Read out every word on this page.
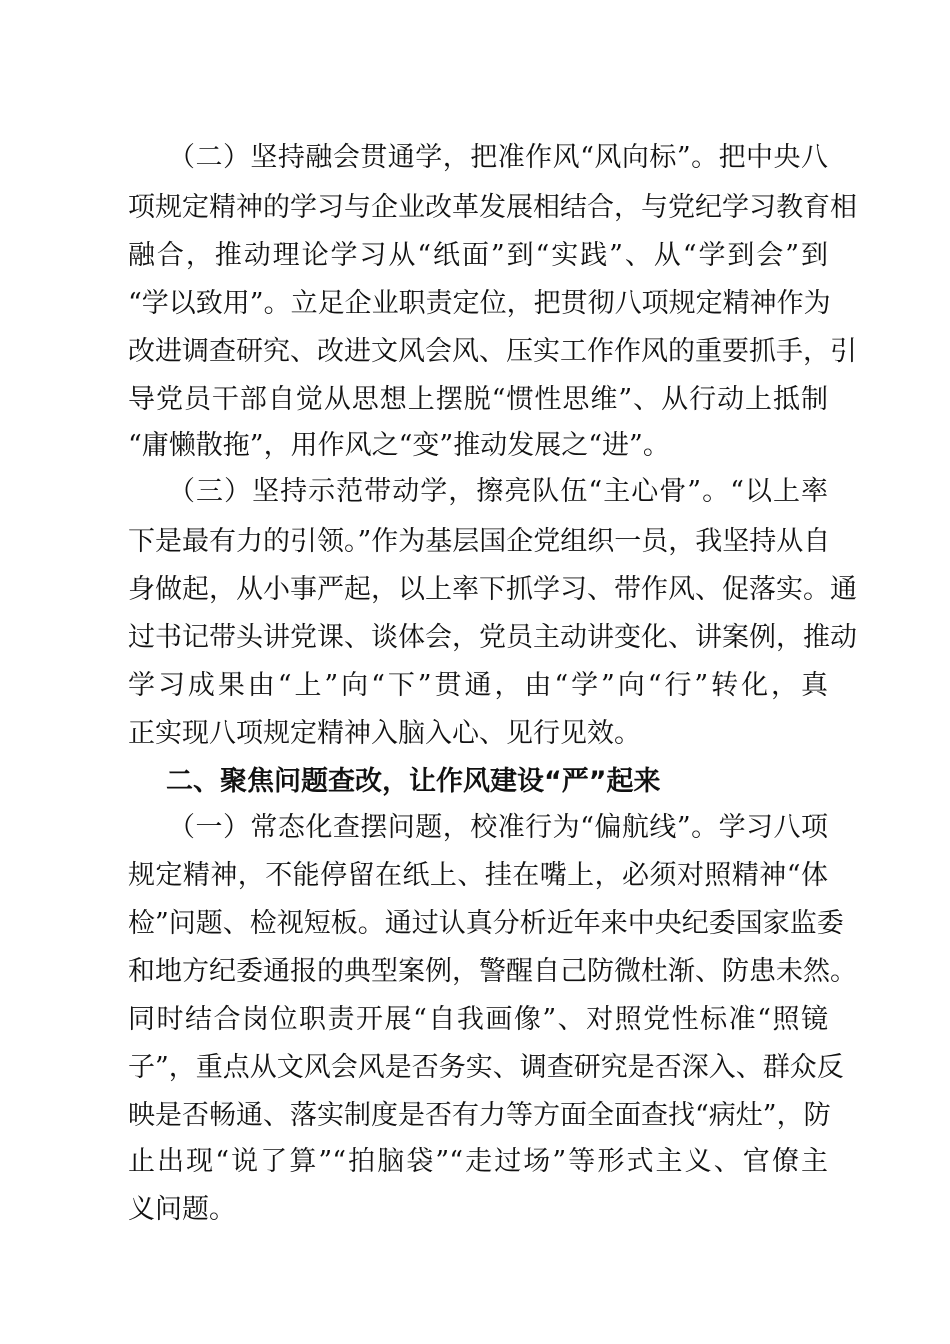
（二）坚持融会贯通学，把准作风“风向标”。把中央八
项规定精神的学习与企业改革发展相结合，与党纪学习教育相
融合，推动理论学习从“纸面”到“实践”、从“学到会”到
“学以致用”。立足企业职责定位，把贯彻八项规定精神作为
改进调查研究、改进文风会风、压实工作作风的重要抓手，引
导党员干部自觉从思想上摆脱“惯性思维”、从行动上抵制
“庸懒散拖”，用作风之“变”推动发展之“进”。
（三）坚持示范带动学，擦亮队伍“主心骨”。“以上率
下是最有力的引领。”作为基层国企党组织一员，我坚持从自
身做起，从小事严起，以上率下抓学习、带作风、促落实。通
过书记带头讲党课、谈体会，党员主动讲变化、讲案例，推动
学习成果由“上”向“下”贯通，由“学”向“行”转化，真
正实现八项规定精神入脑入心、见行见效。
二、聚焦问题查改，让作风建设“严”起来
（一）常态化查摆问题，校准行为“偏航线”。学习八项
规定精神，不能停留在纸上、挂在嘴上，必须对照精神“体
检”问题、检视短板。通过认真分析近年来中央纪委国家监委
和地方纪委通报的典型案例，警醒自己防微杜渐、防患未然。
同时结合岗位职责开展“自我画像”、对照党性标准“照镜
子”，重点从文风会风是否务实、调查研究是否深入、群众反
映是否畅通、落实制度是否有力等方面全面查找“病灶”，防
止出现“说了算”“拍脑袋”“走过场”等形式主义、官僚主
义问题。
